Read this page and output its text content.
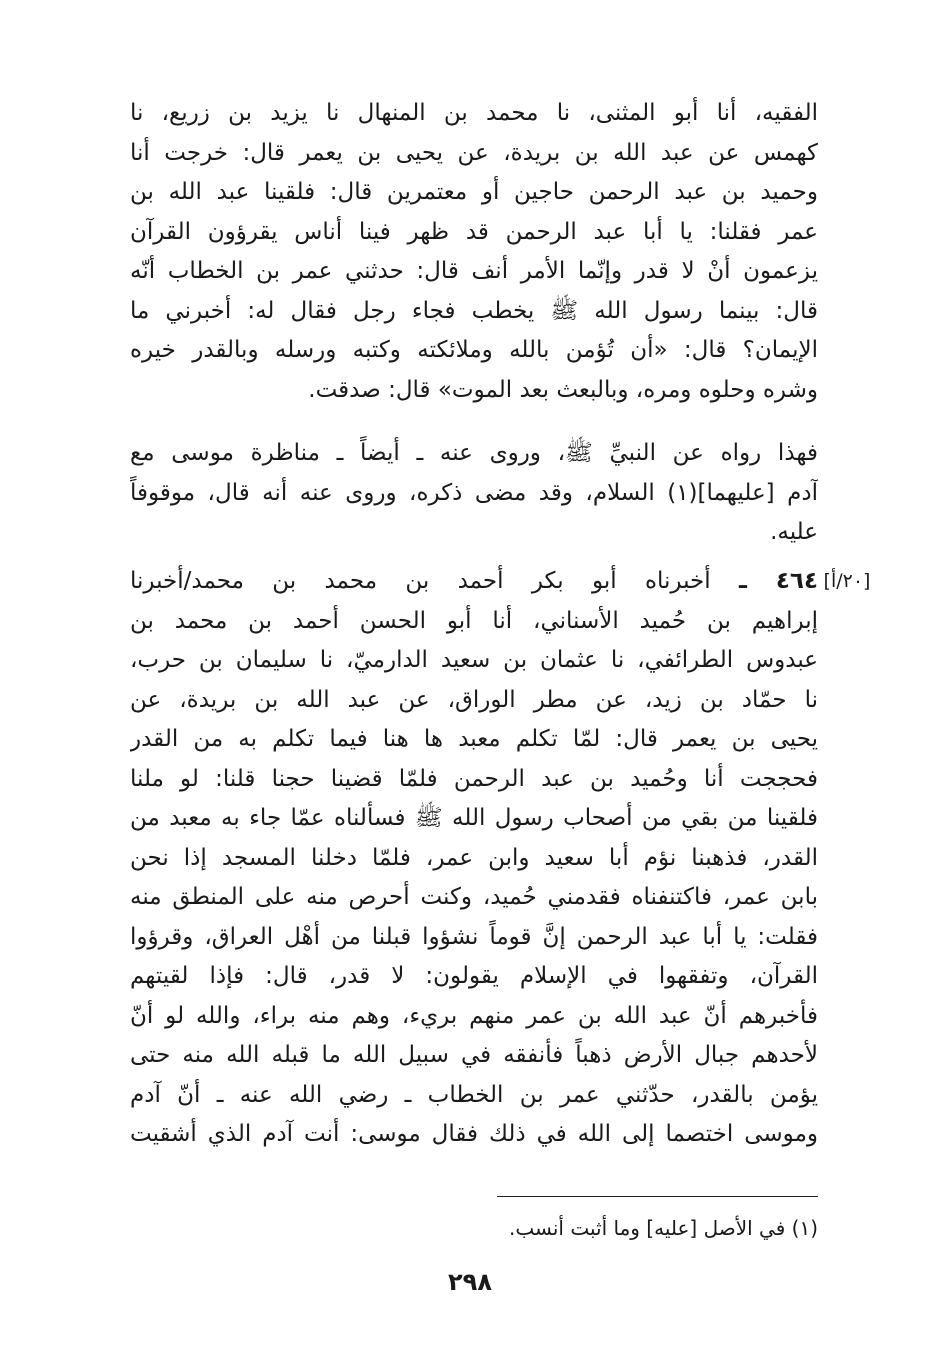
الفقيه، أنا أبو المثنى، نا محمد بن المنهال نا يزيد بن زريع، نا
كهمس عن عبد الله بن بريدة، عن يحيى بن يعمر قال: خرجت أنا
وحميد بن عبد الرحمن حاجين أو معتمرين قال: فلقينا عبد الله بن
عمر فقلنا: يا أبا عبد الرحمن قد ظهر فينا أناس يقرؤون القرآن
يزعمون أنْ لا قدر وإنّما الأمر أنف قال: حدثني عمر بن الخطاب أنّه
قال: بينما رسول الله ﷺ يخطب فجاء رجل فقال له: أخبرني ما
الإيمان؟ قال: «أن تُؤمن بالله وملائكته وكتبه ورسله وبالقدر خيره
وشره وحلوه ومره، وبالبعث بعد الموت» قال: صدقت.
فهذا رواه عن النبيِّ ﷺ، وروى عنه ـ أيضاً ـ مناظرة موسى مع
آدم [عليهما](١) السلام، وقد مضى ذكره، وروى عنه أنه قال، موقوفاً
عليه.
[٢٠/أ]
٤٦٤ ـ أخبرناه أبو بكر أحمد بن محمد بن محمد/أخبرنا
إبراهيم بن حُميد الأسناني، أنا أبو الحسن أحمد بن محمد بن
عبدوس الطرائفي، نا عثمان بن سعيد الدارميّ، نا سليمان بن حرب،
نا حمّاد بن زيد، عن مطر الوراق، عن عبد الله بن بريدة، عن
يحيى بن يعمر قال: لمّا تكلم معبد ها هنا فيما تكلم به من القدر
فحججت أنا وحُميد بن عبد الرحمن فلمّا قضينا حجنا قلنا: لو ملنا
فلقينا من بقي من أصحاب رسول الله ﷺ فسألناه عمّا جاء به معبد من
القدر، فذهبنا نؤم أبا سعيد وابن عمر، فلمّا دخلنا المسجد إذا نحن
بابن عمر، فاكتنفناه فقدمني حُميد، وكنت أحرص منه على المنطق منه
فقلت: يا أبا عبد الرحمن إنَّ قوماً نشؤوا قبلنا من أهْل العراق، وقرؤوا
القرآن، وتفقهوا في الإسلام يقولون: لا قدر، قال: فإذا لقيتهم
فأخبرهم أنّ عبد الله بن عمر منهم بريء، وهم منه براء، والله لو أنّ
لأحدهم جبال الأرض ذهباً فأنفقه في سبيل الله ما قبله الله منه حتى
يؤمن بالقدر، حدّثني عمر بن الخطاب ـ رضي الله عنه ـ أنّ آدم
وموسى اختصما إلى الله في ذلك فقال موسى: أنت آدم الذي أشقيت
(١) في الأصل [عليه] وما أثبت أنسب.
٢٩٨
